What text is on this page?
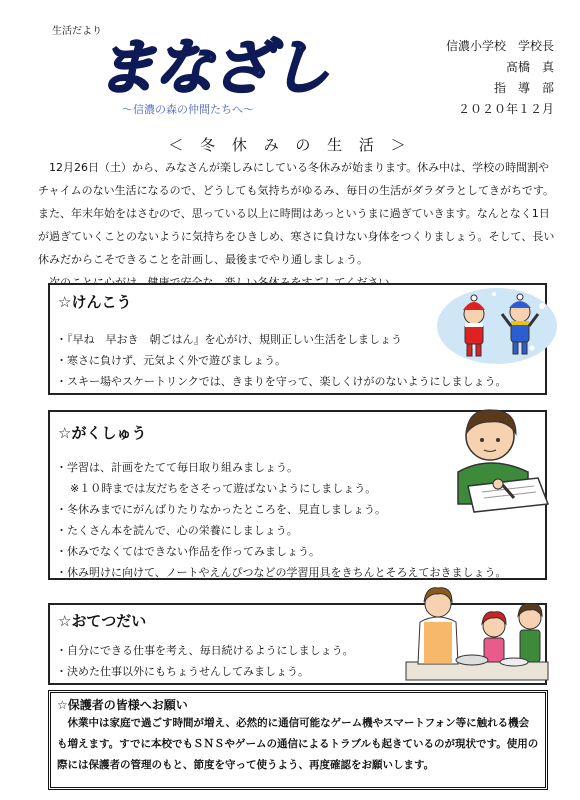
生活だより
まなざし
〜信濃の森の仲間たちへ〜
信濃小学校　学校長
髙橋　真
指　導　部
２０２０年１２月
＜ 冬 休 み の 生 活 ＞

12月26日（土）から、みなさんが楽しみにしている冬休みが始まります。休み中は、学校の時間割やチャイムのない生活になるので、どうしても気持ちがゆるみ、毎日の生活がダラダラとしてきがちです。また、年末年始をはさむので、思っている以上に時間はあっというまに過ぎていきます。なんとなく1日が過ぎていくことのないように気持ちをひきしめ、寒さに負けない身体をつくりましょう。そして、長い休みだからこそできることを計画し、最後までやり通しましょう。

☆けんこう
・『早ね　早おき　朝ごはん』を心がけ、規則正しい生活をしましょう
・寒さに負けず、元気よく外で遊びましょう。
・スキー場やスケートリンクでは、きまりを守って、楽しくけがのないようにしましょう。
☆がくしゅう
・学習は、計画をたてて毎日取り組みましょう。
※１０時までは友だちをさそって遊ばないようにしましょう。
・冬休みまでにがんばりたりなかったところを、見直しましょう。
・たくさん本を読んで、心の栄養にしましょう。
・休みでなくてはできない作品を作ってみましょう。
・休み明けに向けて、ノートやえんぴつなどの学習用具をきちんとそろえておきましょう。
☆おてつだい
・自分にできる仕事を考え、毎日続けるようにしましょう。
・決めた仕事以外にもちょうせんしてみましょう。
☆保護者の皆様へお願い

休業中は家庭で過ごす時間が増え、必然的に通信可能なゲーム機やスマートフォン等に触れる機会も増えます。すでに本校でもＳＮＳやゲームの通信によるトラブルも起きているのが現状です。使用の際には保護者の管理のもと、節度を守って使うよう、再度確認をお願いします。
